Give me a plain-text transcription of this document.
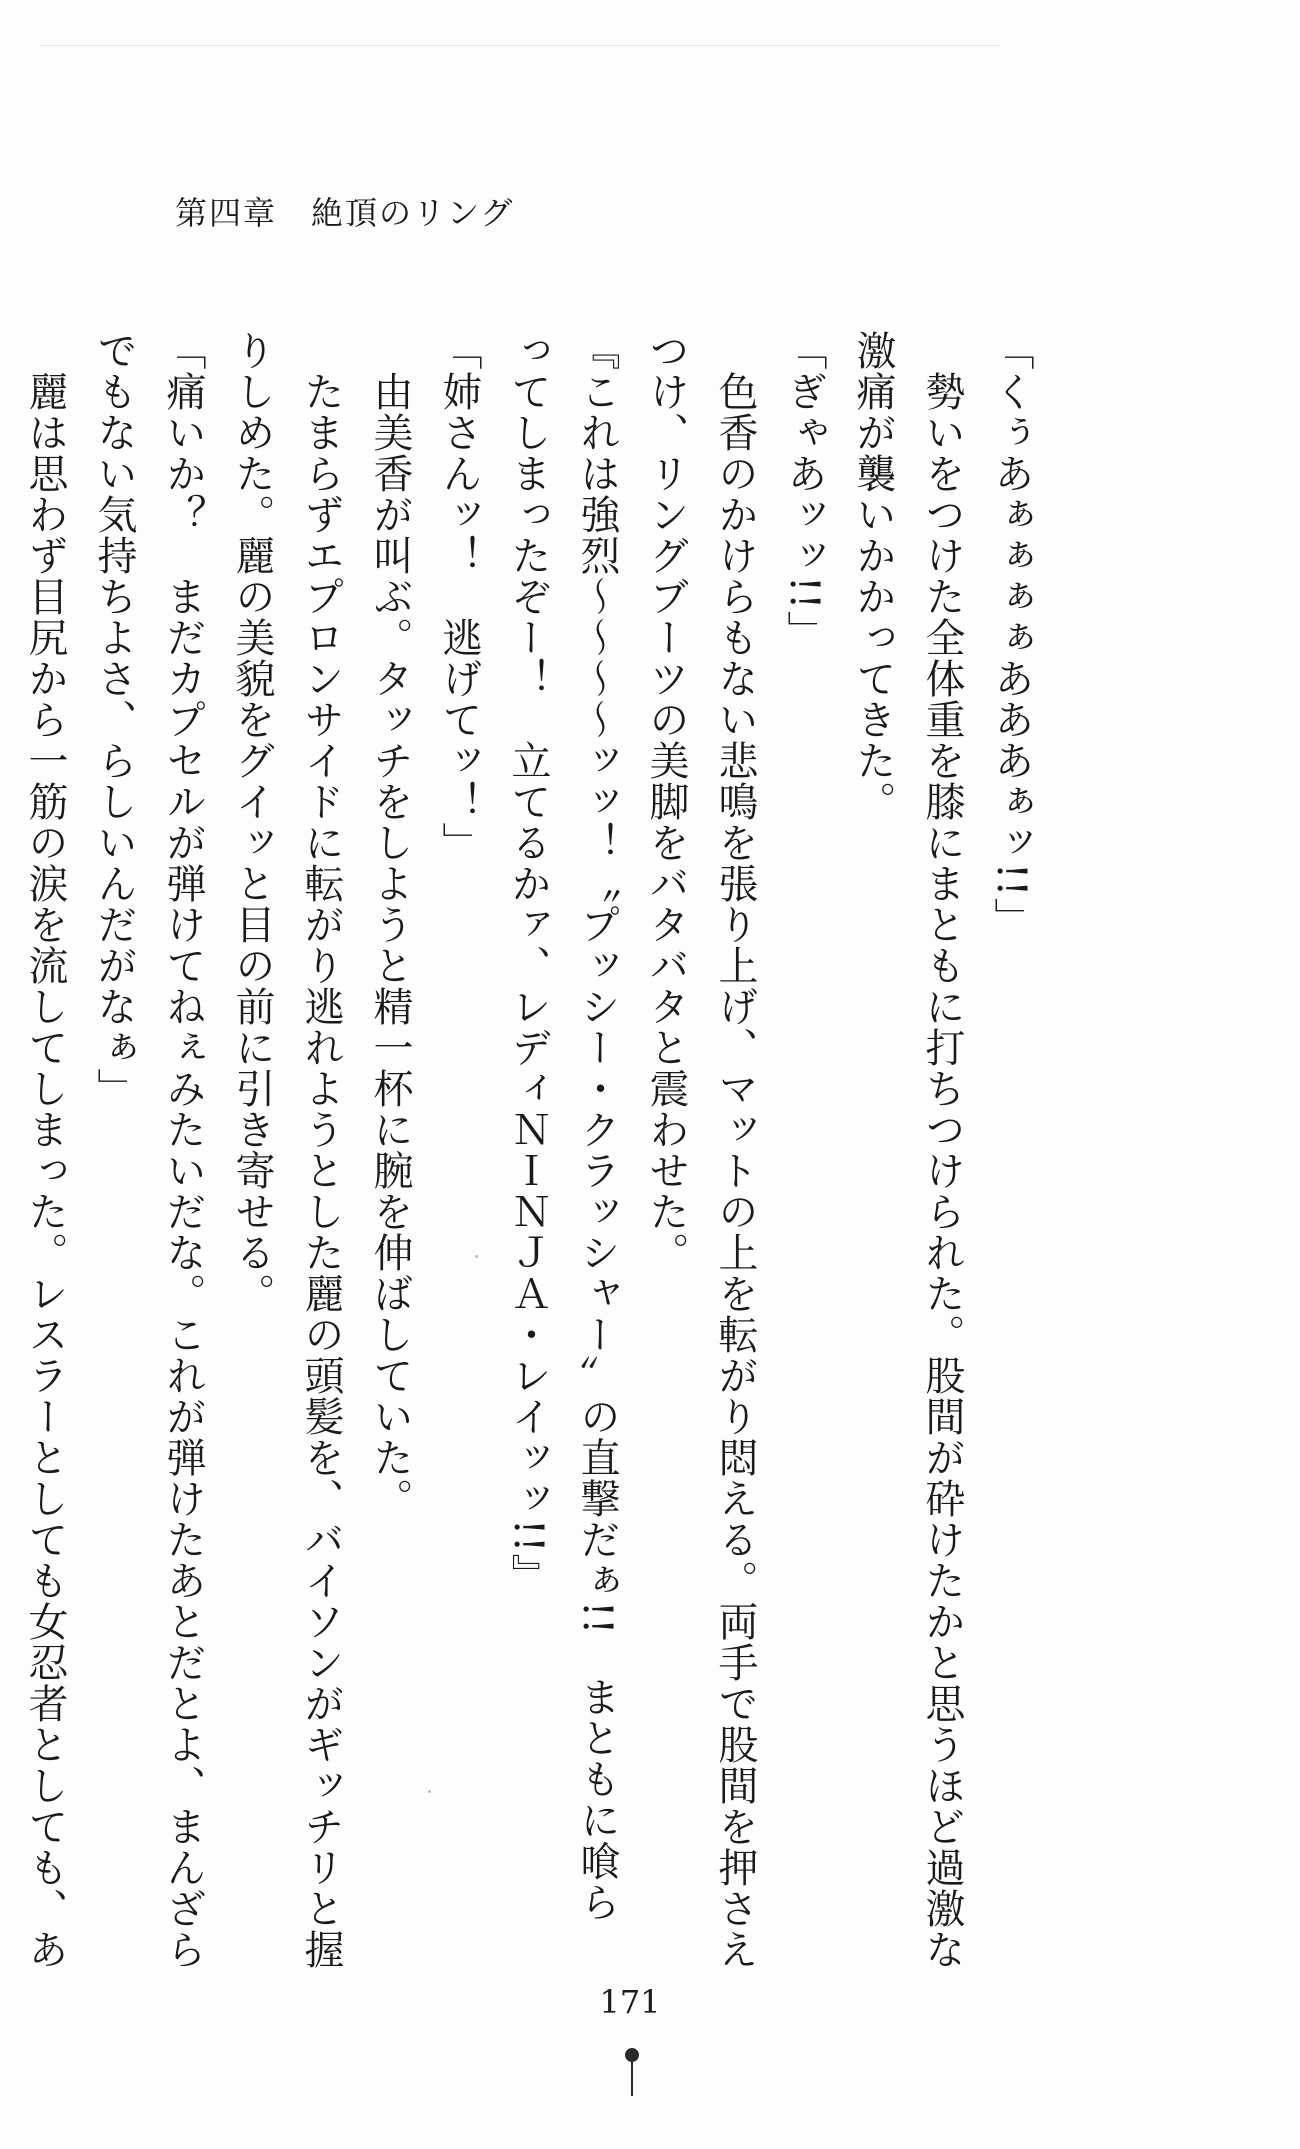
第四章　絶頂のリング
「くぅあぁぁぁぁあああぁッ!!」
　勢いをつけた全体重を膝にまともに打ちつけられた。股間が砕けたかと思うほど過激な
激痛が襲いかかってきた。
「ぎゃあッッ!!」
　色香のかけらもない悲鳴を張り上げ、マットの上を転がり悶える。両手で股間を押さえ
つけ、リングブーツの美脚をバタバタと震わせた。
『これは強烈〜〜〜〜ッッ！〝プッシー・クラッシャー〟の直撃だぁ!!　まともに喰ら
ってしまったぞー！　立てるかァ、レディＮＩＮＪＡ・レイッッ!!』
「姉さんッ！　逃げてッ！」
　由美香が叫ぶ。タッチをしようと精一杯に腕を伸ばしていた。
　たまらずエプロンサイドに転がり逃れようとした麗の頭髪を、バイソンがギッチリと握
りしめた。麗の美貌をグイッと目の前に引き寄せる。
「痛いか？　まだカプセルが弾けてねぇみたいだな。これが弾けたあとだとよ、まんざら
でもない気持ちよさ、らしいんだがなぁ」
　麗は思わず目尻から一筋の涙を流してしまった。レスラーとしても女忍者としても、あ
171
